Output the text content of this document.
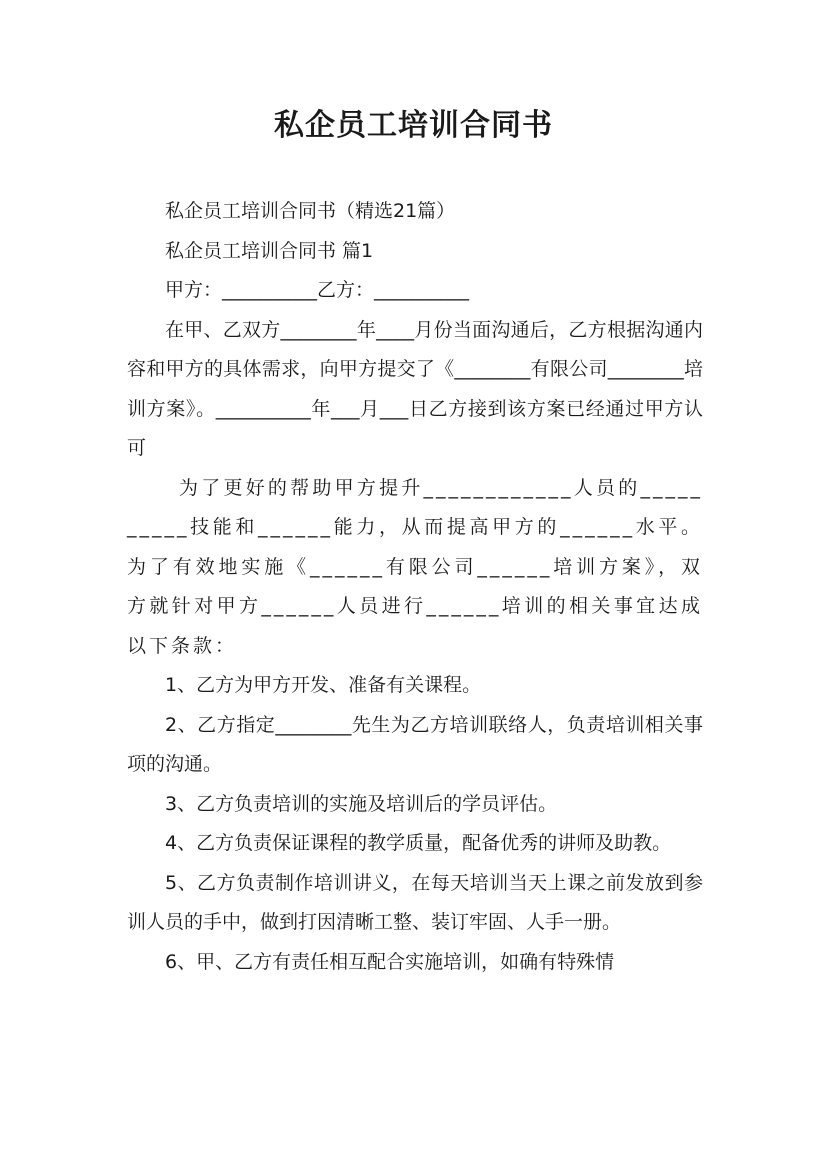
私企员工培训合同书

私企员工培训合同书（精选21篇）

私企员工培训合同书 篇1

甲方：__________乙方：__________

在甲、乙双方________年____月份当面沟通后，乙方根据沟通内容和甲方的具体需求，向甲方提交了《________有限公司________培训方案》。__________年___月___日乙方接到该方案已经通过甲方认可

为了更好的帮助甲方提升____________人员的__________技能和______能力，从而提高甲方的______水平。为了有效地实施《______有限公司______培训方案》，双方就针对甲方______人员进行______培训的相关事宜达成以下条款：

1、乙方为甲方开发、准备有关课程。

2、乙方指定________先生为乙方培训联络人，负责培训相关事项的沟通。

3、乙方负责培训的实施及培训后的学员评估。

4、乙方负责保证课程的教学质量，配备优秀的讲师及助教。

5、乙方负责制作培训讲义，在每天培训当天上课之前发放到参训人员的手中，做到打因清晰工整、装订牢固、人手一册。

6、甲、乙方有责任相互配合实施培训，如确有特殊情
